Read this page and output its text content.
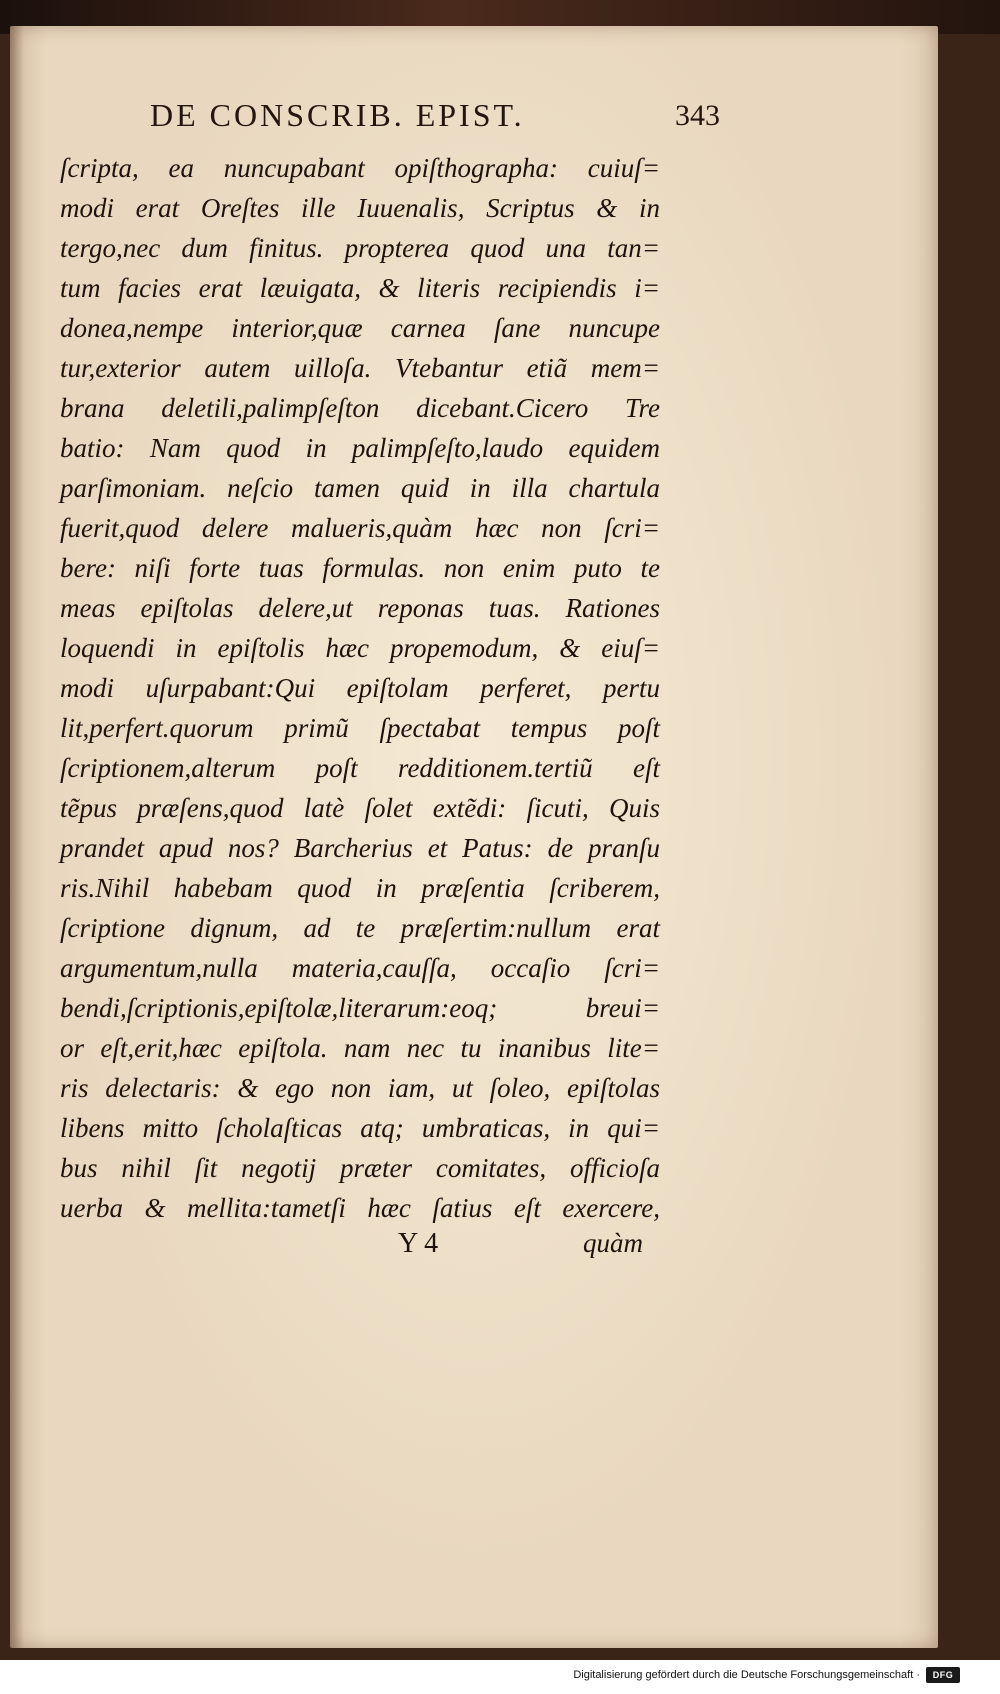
DE CONSCRIB. EPIST.	343
ſcripta, ea nuncupabant opiſthographa: cuiuſ=
modi erat Oreſtes ille Iuuenalis, Scriptus & in
tergo,nec dum finitus. propterea quod una tan=
tum facies erat læuigata, & literis recipiendis i=
donea,nempe interior,quæ carnea ſane nuncupe
tur,exterior autem uilloſa. Vtebantur etiã mem=
brana deletili,palimpſeſton dicebant.Cicero Tre
batio: Nam quod in palimpſeſto,laudo equidem
parſimoniam. neſcio tamen quid in illa chartula
fuerit,quod delere malueris,quàm hæc non ſcri=
bere: niſi forte tuas formulas. non enim puto te
meas epiſtolas delere,ut reponas tuas. Rationes
loquendi in epiſtolis hæc propemodum, & eiuſ=
modi uſurpabant:Qui epiſtolam perferet, pertu
lit,perfert.quorum primũ ſpectabat tempus poſt
ſcriptionem,alterum poſt redditionem.tertiũ eſt
tẽpus præſens,quod latè ſolet extẽdi: ſicuti, Quis
prandet apud nos? Barcherius et Patus: de pranſu
ris.Nihil habebam quod in præſentia ſcriberem,
ſcriptione dignum, ad te præſertim:nullum erat
argumentum,nulla materia,cauſſa, occaſio ſcri=
bendi,ſcriptionis,epiſtolæ,literarum:eoq; breui=
or eſt,erit,hæc epiſtola. nam nec tu inanibus lite=
ris delectaris: & ego non iam, ut ſoleo, epiſtolas
libens mitto ſcholaſticas atq; umbraticas, in qui=
bus nihil ſit negotij præter comitates, officioſa
uerba & mellita:tametſi hæc ſatius eſt exercere,
Y 4	quàm
Digitalisierung gefördert durch die Deutsche Forschungsgemeinschaft ·	DFG
